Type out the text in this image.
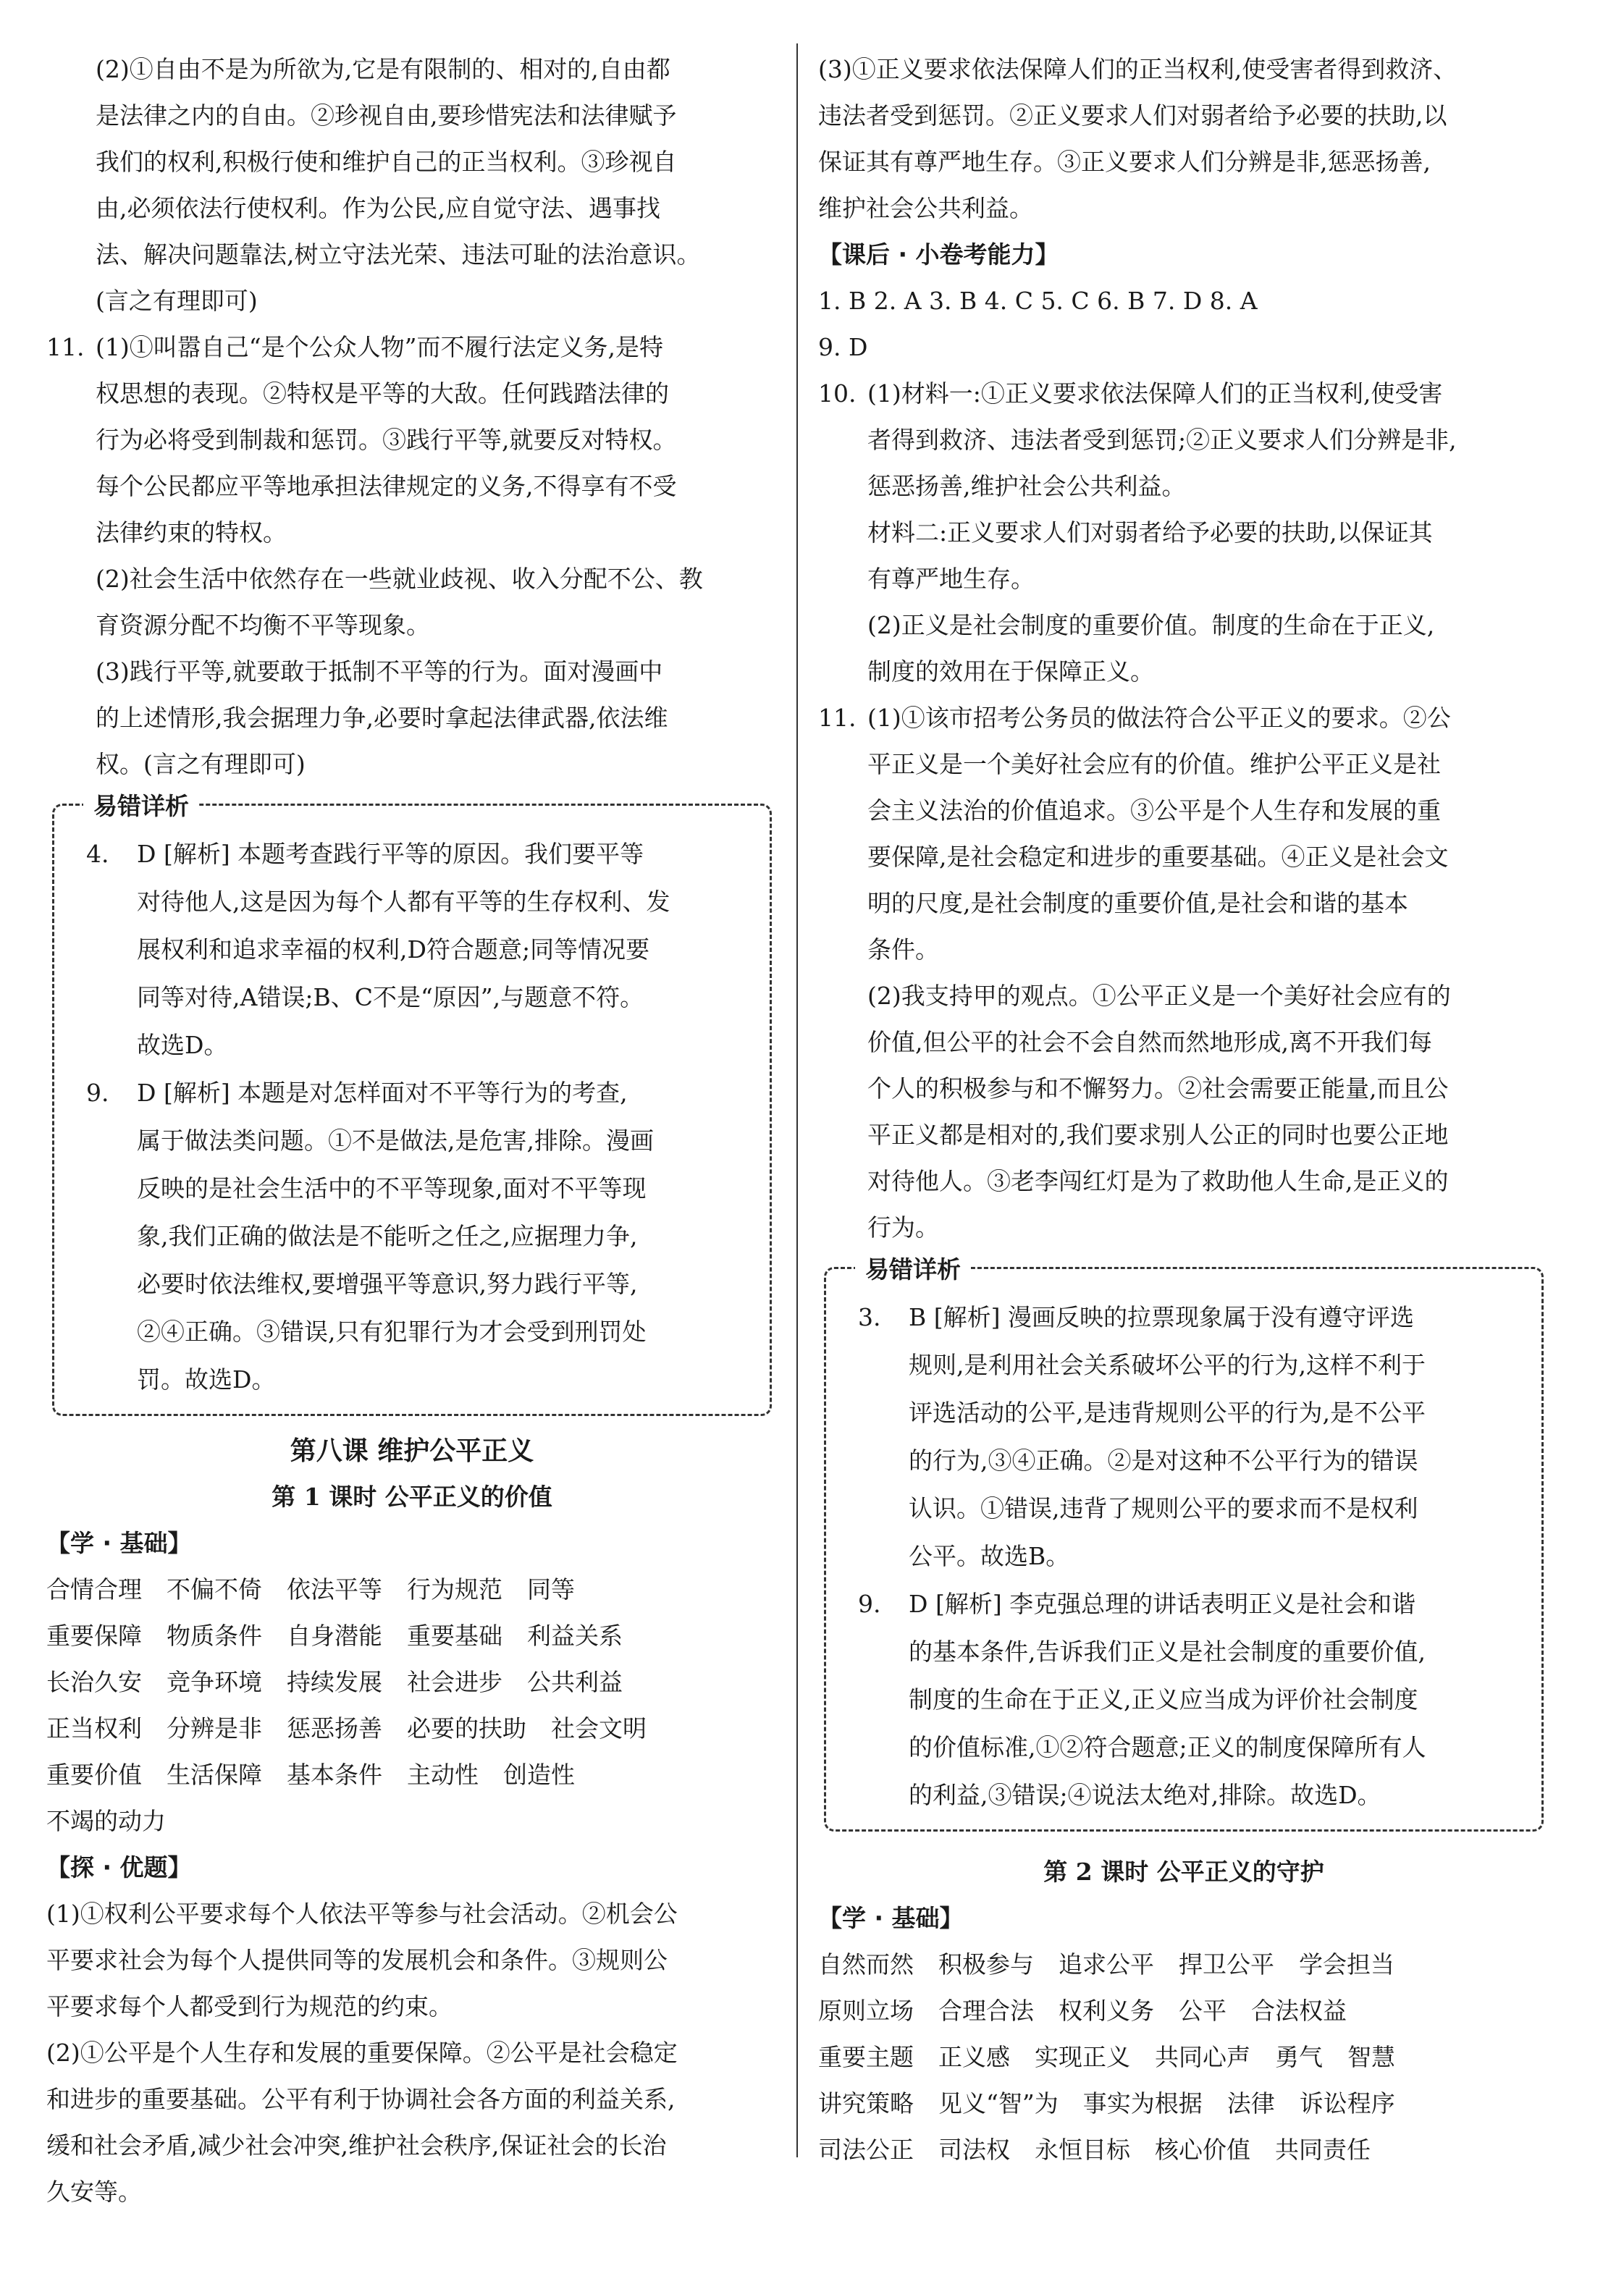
(2)①自由不是为所欲为,它是有限制的、相对的,自由都

是法律之内的自由。②珍视自由,要珍惜宪法和法律赋予

我们的权利,积极行使和维护自己的正当权利。③珍视自

由,必须依法行使权利。作为公民,应自觉守法、遇事找

法、解决问题靠法,树立守法光荣、违法可耻的法治意识。

(言之有理即可)

11. (1)①叫嚣自己“是个公众人物”而不履行法定义务,是特

权思想的表现。②特权是平等的大敌。任何践踏法律的

行为必将受到制裁和惩罚。③践行平等,就要反对特权。

每个公民都应平等地承担法律规定的义务,不得享有不受

法律约束的特权。

(2)社会生活中依然存在一些就业歧视、收入分配不公、教

育资源分配不均衡不平等现象。

(3)践行平等,就要敢于抵制不平等的行为。面对漫画中

的上述情形,我会据理力争,必要时拿起法律武器,依法维

权。(言之有理即可)

易错详析

4. D [解析] 本题考查践行平等的原因。我们要平等

对待他人,这是因为每个人都有平等的生存权利、发

展权利和追求幸福的权利,D符合题意;同等情况要

同等对待,A错误;B、C不是“原因”,与题意不符。

故选D。

9. D [解析] 本题是对怎样面对不平等行为的考查,

属于做法类问题。①不是做法,是危害,排除。漫画

反映的是社会生活中的不平等现象,面对不平等现

象,我们正确的做法是不能听之任之,应据理力争,

必要时依法维权,要增强平等意识,努力践行平等,

②④正确。③错误,只有犯罪行为才会受到刑罚处

罚。故选D。

第八课 维护公平正义

第 1 课时 公平正义的价值

【学 · 基础】

合情合理 不偏不倚 依法平等 行为规范 同等

重要保障 物质条件 自身潜能 重要基础 利益关系

长治久安 竞争环境 持续发展 社会进步 公共利益

正当权利 分辨是非 惩恶扬善 必要的扶助 社会文明

重要价值 生活保障 基本条件 主动性 创造性

不竭的动力

【探 · 优题】

(1)①权利公平要求每个人依法平等参与社会活动。②机会公

平要求社会为每个人提供同等的发展机会和条件。③规则公

平要求每个人都受到行为规范的约束。

(2)①公平是个人生存和发展的重要保障。②公平是社会稳定

和进步的重要基础。公平有利于协调社会各方面的利益关系,

缓和社会矛盾,减少社会冲突,维护社会秩序,保证社会的长治

久安等。

(3)①正义要求依法保障人们的正当权利,使受害者得到救济、

违法者受到惩罚。②正义要求人们对弱者给予必要的扶助,以

保证其有尊严地生存。③正义要求人们分辨是非,惩恶扬善,

维护社会公共利益。

【课后 · 小卷考能力】

1. B 2. A 3. B 4. C 5. C 6. B 7. D 8. A

9. D

10. (1)材料一:①正义要求依法保障人们的正当权利,使受害

者得到救济、违法者受到惩罚;②正义要求人们分辨是非,

惩恶扬善,维护社会公共利益。

材料二:正义要求人们对弱者给予必要的扶助,以保证其

有尊严地生存。

(2)正义是社会制度的重要价值。制度的生命在于正义,

制度的效用在于保障正义。

11. (1)①该市招考公务员的做法符合公平正义的要求。②公

平正义是一个美好社会应有的价值。维护公平正义是社

会主义法治的价值追求。③公平是个人生存和发展的重

要保障,是社会稳定和进步的重要基础。④正义是社会文

明的尺度,是社会制度的重要价值,是社会和谐的基本

条件。

(2)我支持甲的观点。①公平正义是一个美好社会应有的

价值,但公平的社会不会自然而然地形成,离不开我们每

个人的积极参与和不懈努力。②社会需要正能量,而且公

平正义都是相对的,我们要求别人公正的同时也要公正地

对待他人。③老李闯红灯是为了救助他人生命,是正义的

行为。

易错详析

3. B [解析] 漫画反映的拉票现象属于没有遵守评选

规则,是利用社会关系破坏公平的行为,这样不利于

评选活动的公平,是违背规则公平的行为,是不公平

的行为,③④正确。②是对这种不公平行为的错误

认识。①错误,违背了规则公平的要求而不是权利

公平。故选B。

9. D [解析] 李克强总理的讲话表明正义是社会和谐

的基本条件,告诉我们正义是社会制度的重要价值,

制度的生命在于正义,正义应当成为评价社会制度

的价值标准,①②符合题意;正义的制度保障所有人

的利益,③错误;④说法太绝对,排除。故选D。

第 2 课时 公平正义的守护

【学 · 基础】

自然而然 积极参与 追求公平 捍卫公平 学会担当

原则立场 合理合法 权利义务 公平 合法权益

重要主题 正义感 实现正义 共同心声 勇气 智慧

讲究策略 见义“智”为 事实为根据 法律 诉讼程序

司法公正 司法权 永恒目标 核心价值 共同责任
